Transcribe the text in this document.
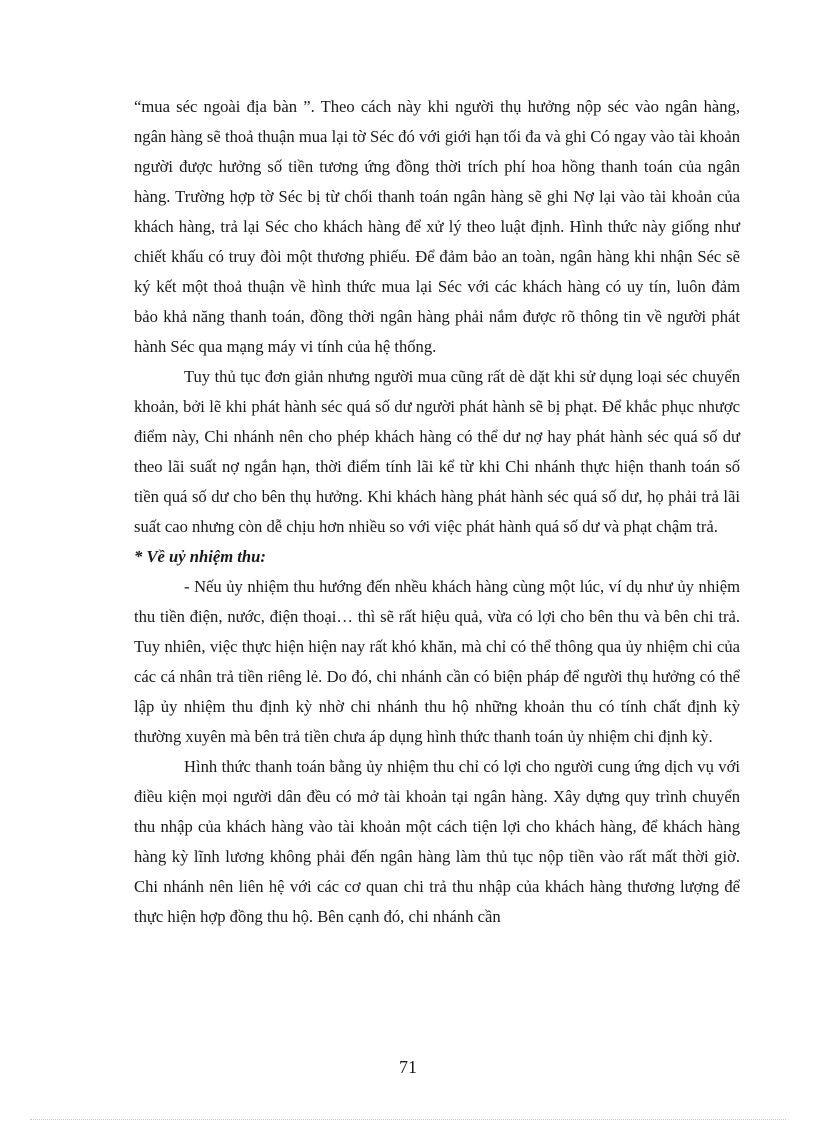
“mua séc ngoài địa bàn ”. Theo cách này khi người thụ hưởng nộp séc vào ngân hàng, ngân hàng sẽ thoả thuận mua lại tờ Séc đó với giới hạn tối đa và ghi Có ngay vào tài khoản người được hưởng số tiền tương ứng đồng thời trích phí hoa hồng thanh toán của ngân hàng. Trường hợp tờ Séc bị từ chối thanh toán ngân hàng sẽ ghi Nợ lại vào tài khoản của khách hàng, trả lại Séc cho khách hàng để xử lý theo luật định. Hình thức này giống như chiết khấu có truy đòi một thương phiếu. Để đảm bảo an toàn, ngân hàng khi nhận Séc sẽ ký kết một thoả thuận về hình thức mua lại Séc với các khách hàng có uy tín, luôn đảm bảo khả năng thanh toán, đồng thời ngân hàng phải nắm được rõ thông tin về người phát hành Séc qua mạng máy vi tính của hệ thống.

Tuy thủ tục đơn giản nhưng người mua cũng rất dè dặt khi sử dụng loại séc chuyển khoản, bởi lẽ khi phát hành séc quá số dư người phát hành sẽ bị phạt. Để khắc phục nhược điểm này, Chi nhánh nên cho phép khách hàng có thể dư nợ hay phát hành séc quá số dư theo lãi suất nợ ngắn hạn, thời điểm tính lãi kể từ khi Chi nhánh thực hiện thanh toán số tiền quá số dư cho bên thụ hưởng. Khi khách hàng phát hành séc quá số dư, họ phải trả lãi suất cao nhưng còn dễ chịu hơn nhiều so với việc phát hành quá số dư và phạt chậm trả.

* Về uỷ nhiệm thu:

- Nếu ủy nhiệm thu hướng đến nhều khách hàng cùng một lúc, ví dụ như ủy nhiệm thu tiền điện, nước, điện thoại… thì sẽ rất hiệu quả, vừa có lợi cho bên thu và bên chi trả. Tuy nhiên, việc thực hiện hiện nay rất khó khăn, mà chỉ có thể thông qua ủy nhiệm chi của các cá nhân trả tiền riêng lẻ. Do đó, chi nhánh cần có biện pháp để người thụ hưởng có thể lập ủy nhiệm thu định kỳ nhờ chi nhánh thu hộ những khoản thu có tính chất định kỳ thường xuyên mà bên trả tiền chưa áp dụng hình thức thanh toán ủy nhiệm chi định kỳ.

Hình thức thanh toán bằng ủy nhiệm thu chỉ có lợi cho người cung ứng dịch vụ với điều kiện mọi người dân đều có mở tài khoản tại ngân hàng. Xây dựng quy trình chuyển thu nhập của khách hàng vào tài khoản một cách tiện lợi cho khách hàng, để khách hàng hàng kỳ lĩnh lương không phải đến ngân hàng làm thủ tục nộp tiền vào rất mất thời giờ. Chi nhánh nên liên hệ với các cơ quan chi trả thu nhập của khách hàng thương lượng để thực hiện hợp đồng thu hộ. Bên cạnh đó, chi nhánh cần

71
